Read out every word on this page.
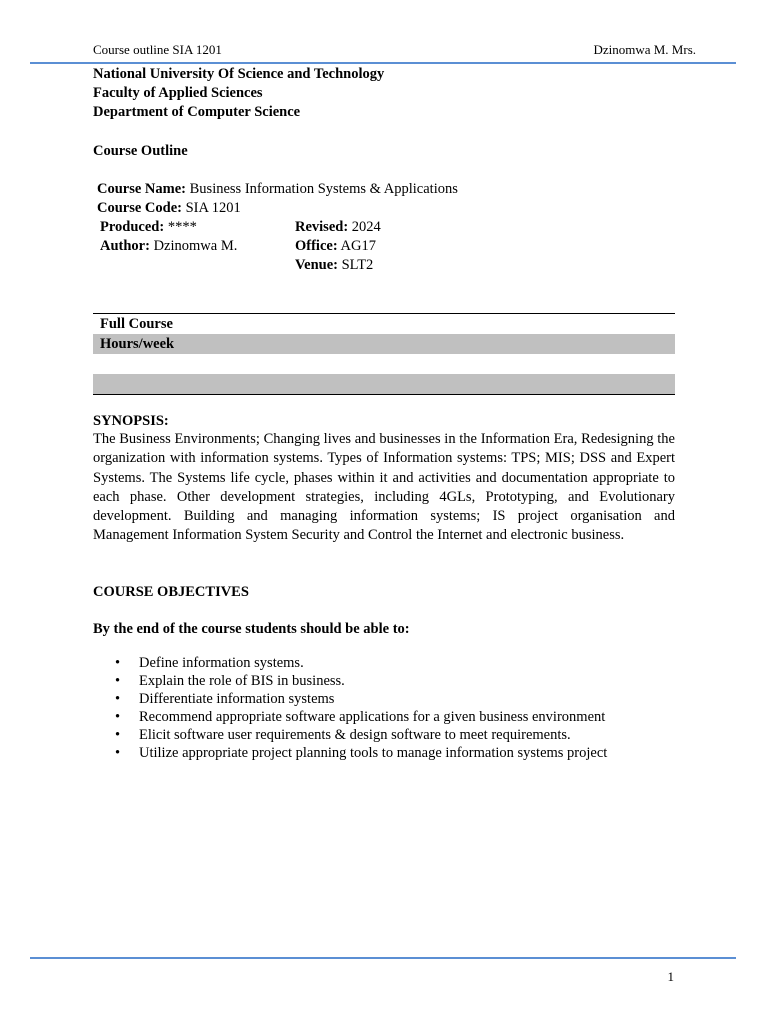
Course outline SIA 1201	Dzinomwa M. Mrs.
National University Of Science and Technology
Faculty of Applied Sciences
Department of Computer Science
Course Outline
Course Name: Business Information Systems & Applications
Course Code: SIA 1201
Produced: ****
Author: Dzinomwa M.
Revised: 2024
Office: AG17
Venue: SLT2
Full Course
Hours/week
SYNOPSIS:

The Business Environments; Changing lives and businesses in the Information Era, Redesigning the organization with information systems. Types of Information systems: TPS; MIS; DSS and Expert Systems. The Systems life cycle, phases within it and activities and documentation appropriate to each phase. Other development strategies, including 4GLs, Prototyping, and Evolutionary development. Building and managing information systems; IS project organisation and Management Information System Security and Control the Internet and electronic business.

COURSE OBJECTIVES
By the end of the course students should be able to:
• Define information systems.
• Explain the role of BIS in business.
• Differentiate information systems
• Recommend appropriate software applications for a given business environment
• Elicit software user requirements & design software to meet requirements.
• Utilize appropriate project planning tools to manage information systems project
1
